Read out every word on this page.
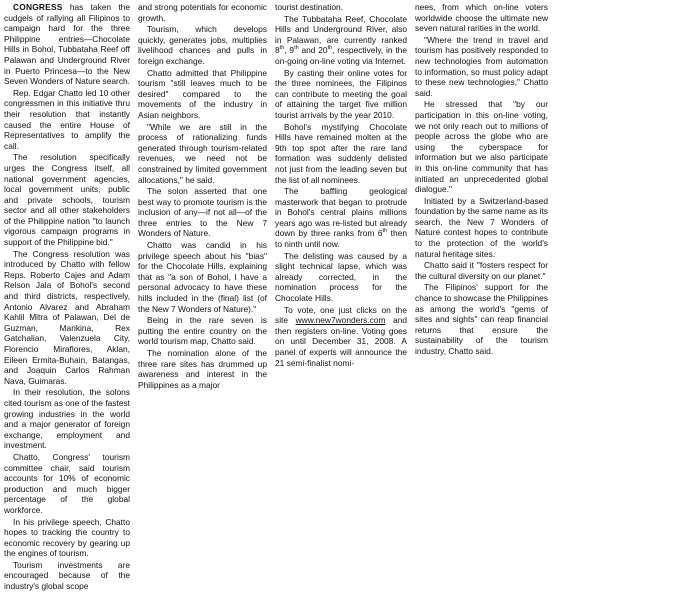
CONGRESS has taken the cudgels of rallying all Filipinos to campaign hard for the three Philippine entries—Chocolate Hills in Bohol, Tubbataha Reef off Palawan and Underground River in Puerto Princesa—to the New Seven Wonders of Nature search.

Rep. Edgar Chatto led 10 other congressmen in this initiative thru their resolution that instantly caused the entire House of Representatives to amplify the call.

The resolution specifically urges the Congress itself, all national government agencies, local government units, public and private schools, tourism sector and all other stakeholders of the Philippine nation "to launch vigorous campaign programs in support of the Philippine bid."

The Congress resolution was introduced by Chatto with fellow Reps. Roberto Cajes and Adam Relson Jala of Bohol's second and third districts, respectively, Antonio Alvarez and Abraham Kahlil Mitra of Palawan, Del de Guzman, Marikina, Rex Gatchalian, Valenzuela City, Florencio Miraflores, Aklan, Eileen Ermita-Buhain, Batangas, and Joaquin Carlos Rahman Nava, Guimaras.

In their resolution, the solons cited tourism as one of the fastest growing industries in the world and a major generator of foreign exchange, employment and investment.

Chatto, Congress' tourism committee chair, said tourism accounts for 10% of economic production and much bigger percentage of the global workforce.

In his privilege speech, Chatto hopes to tracking the country to economic recovery by gearing up the engines of tourism.

Tourism investments are encouraged because of the industry's global scope

and strong potentials for economic growth.

Tourism, which develops quickly, generates jobs, multiplies livelihood chances and pulls in foreign exchange.

Chatto admitted that Philippine tourism "still leaves much to be desired" compared to the movements of the industry in Asian neighbors.

"While we are still in the process of rationalizing funds generated through tourism-related revenues, we need not be constrained by limited government allocations," he said.

The solon asserted that one best way to promote tourism is the inclusion of any—if not all—of the three entries to the New 7 Wonders of Nature.

Chatto was candid in his privilege speech about his "bias" for the Chocolate Hills, explaining that as "a son of Bohol, I have a personal advocacy to have these hills included in the (final) list (of the New 7 Wonders of Nature)."

Being in the rare seven is putting the entire country on the world tourism map, Chatto said.

The nomination alone of the three rare sites has drummed up awareness and interest in the Philippines as a major

tourist destination.

The Tubbataha Reef, Chocolate Hills and Underground River, also in Palawan, are currently ranked 8th, 9th and 20th, respectively, in the on-going on-line voting via Internet.

By casting their online votes for the three nominees, the Filipinos can contribute to meeting the goal of attaining the target five million tourist arrivals by the year 2010.

Bohol's mystifying Chocolate Hills have remained molten at the 9th top spot after the rare land formation was suddenly delisted not just from the leading seven but the list of all nominees.

The baffling geological masterwork that began to protrude in Bohol's central plains millions years ago was re-listed but already down by three ranks from 6th then to ninth until now.

The delisting was caused by a slight technical lapse, which was already corrected, in the nomination process for the Chocolate Hills.

To vote, one just clicks on the site www.new7wonders.com and then registers on-line. Voting goes on until December 31, 2008. A panel of experts will announce the 21 semi-finalist nomi-

nees, from which on-line voters worldwide choose the ultimate new seven natural rarities in the world.

"Where the trend in travel and tourism has positively responded to new technologies from automation to information, so must policy adapt to these new technologies," Chatto said.

He stressed that "by our participation in this on-line voting, we not only reach out to millions of people across the globe who are using the cyberspace for information but we also participate in this on-line community that has initiated an unprecedented global dialogue."

Initiated by a Switzerland-based foundation by the same name as its search, the New 7 Wonders of Nature contest hopes to contribute to the protection of the world's natural heritage sites.

Chatto said it "fosters respect for the cultural diversity on our planet."

The Filipinos' support for the chance to showcase the Philippines as among the world's "gems of sites and sights" can reap financial returns that ensure the sustainability of the tourism industry, Chatto said.
